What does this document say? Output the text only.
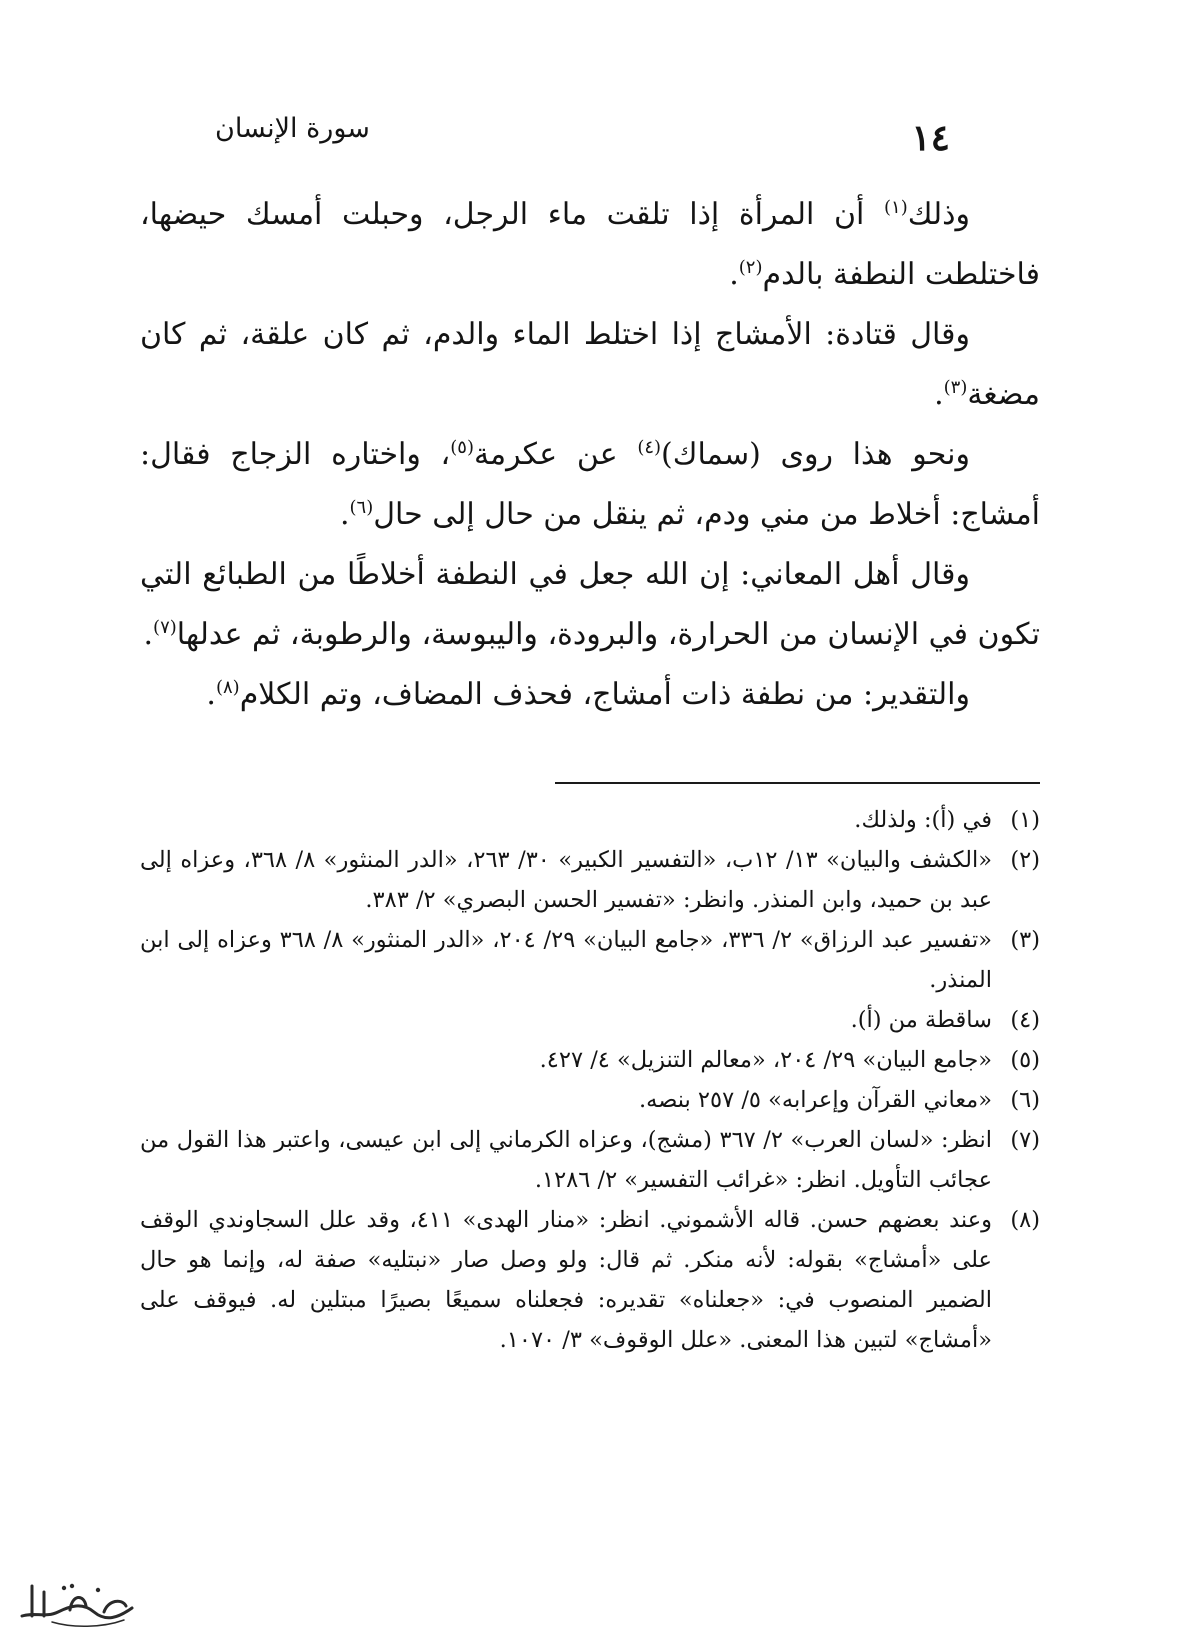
١٤
سورة الإنسان

وذلك$^{(١)}$ أن المرأة إذا تلقت ماء الرجل، وحبلت أمسك حيضها، فاختلطت النطفة بالدم$^{(٢)}$.

وقال قتادة: الأمشاج إذا اختلط الماء والدم، ثم كان علقة، ثم كان مضغة$^{(٣)}$.

ونحو هذا روى (سماك)$^{(٤)}$ عن عكرمة$^{(٥)}$، واختاره الزجاج فقال: أمشاج: أخلاط من مني ودم، ثم ينقل من حال إلى حال$^{(٦)}$.

وقال أهل المعاني: إن الله جعل في النطفة أخلاطًا من الطبائع التي تكون في الإنسان من الحرارة، والبرودة، واليبوسة، والرطوبة، ثم عدلها$^{(٧)}$.

والتقدير: من نطفة ذات أمشاج، فحذف المضاف، وتم الكلام$^{(٨)}$.

(١)
في (أ): ولذلك.
(٢)
«الكشف والبيان» ١٣/ ١٢ب، «التفسير الكبير» ٣٠/ ٢٦٣، «الدر المنثور» ٨/ ٣٦٨، وعزاه إلى عبد بن حميد، وابن المنذر. وانظر: «تفسير الحسن البصري» ٢/ ٣٨٣.
(٣)
«تفسير عبد الرزاق» ٢/ ٣٣٦، «جامع البيان» ٢٩/ ٢٠٤، «الدر المنثور» ٨/ ٣٦٨ وعزاه إلى ابن المنذر.
(٤)
ساقطة من (أ).
(٥)
«جامع البيان» ٢٩/ ٢٠٤، «معالم التنزيل» ٤/ ٤٢٧.
(٦)
«معاني القرآن وإعرابه» ٥/ ٢٥٧ بنصه.
(٧)
انظر: «لسان العرب» ٢/ ٣٦٧ (مشج)، وعزاه الكرماني إلى ابن عيسى، واعتبر هذا القول من عجائب التأويل. انظر: «غرائب التفسير» ٢/ ١٢٨٦.
(٨)
وعند بعضهم حسن. قاله الأشموني. انظر: «منار الهدى» ٤١١، وقد علل السجاوندي الوقف على «أمشاج» بقوله: لأنه منكر. ثم قال: ولو وصل صار «نبتليه» صفة له، وإنما هو حال الضمير المنصوب في: «جعلناه» تقديره: فجعلناه سميعًا بصيرًا مبتلين له. فيوقف على «أمشاج» لتبين هذا المعنى. «علل الوقوف» ٣/ ١٠٧٠.
